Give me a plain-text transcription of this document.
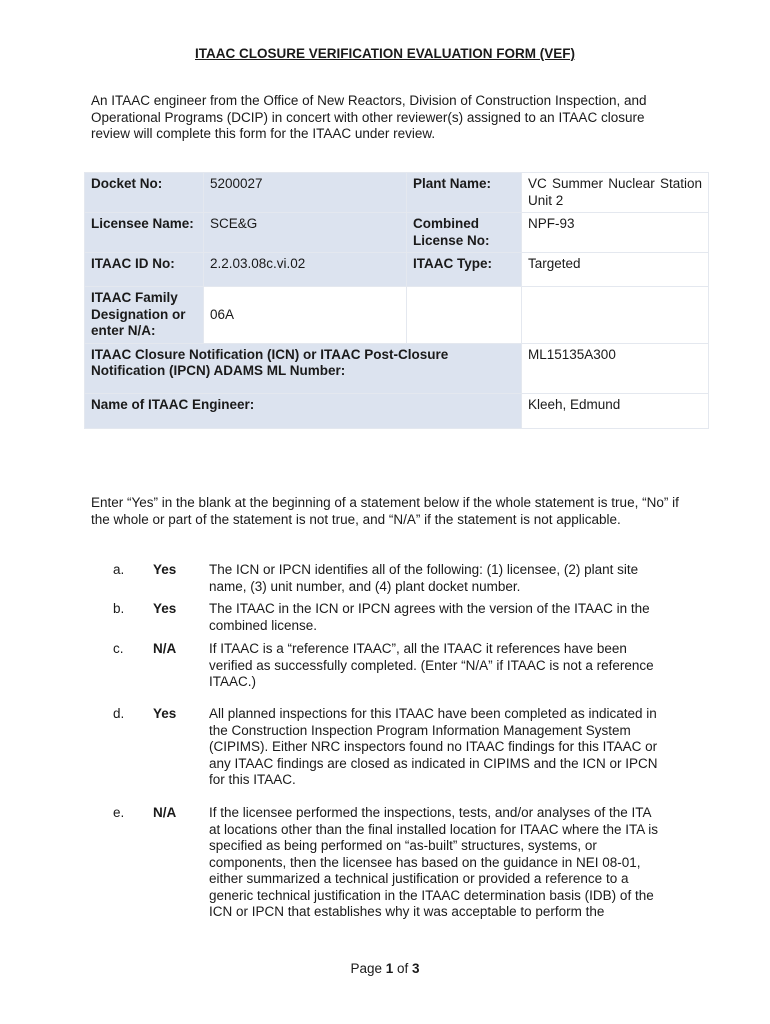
ITAAC CLOSURE VERIFICATION EVALUATION FORM (VEF)
An ITAAC engineer from the Office of New Reactors, Division of Construction Inspection, and Operational Programs (DCIP) in concert with other reviewer(s) assigned to an ITAAC closure review will complete this form for the ITAAC under review.
Docket No:	5200027	Plant Name:	VC Summer Nuclear Station Unit 2
Licensee Name:	SCE&G	Combined License No:	NPF-93
ITAAC ID No:	2.2.03.08c.vi.02	ITAAC Type:	Targeted
ITAAC Family Designation or enter N/A:	06A		
ITAAC Closure Notification (ICN) or ITAAC Post-Closure Notification (IPCN) ADAMS ML Number:			ML15135A300
Name of ITAAC Engineer:			Kleeh, Edmund
Enter “Yes” in the blank at the beginning of a statement below if the whole statement is true, “No” if the whole or part of the statement is not true, and “N/A” if the statement is not applicable.
a. Yes The ICN or IPCN identifies all of the following: (1) licensee, (2) plant site name, (3) unit number, and (4) plant docket number.
b. Yes The ITAAC in the ICN or IPCN agrees with the version of the ITAAC in the combined license.
c. N/A If ITAAC is a “reference ITAAC”, all the ITAAC it references have been verified as successfully completed. (Enter “N/A” if ITAAC is not a reference ITAAC.)
d. Yes All planned inspections for this ITAAC have been completed as indicated in the Construction Inspection Program Information Management System (CIPIMS). Either NRC inspectors found no ITAAC findings for this ITAAC or any ITAAC findings are closed as indicated in CIPIMS and the ICN or IPCN for this ITAAC.
e. N/A If the licensee performed the inspections, tests, and/or analyses of the ITA at locations other than the final installed location for ITAAC where the ITA is specified as being performed on “as-built” structures, systems, or components, then the licensee has based on the guidance in NEI 08-01, either summarized a technical justification or provided a reference to a generic technical justification in the ITAAC determination basis (IDB) of the ICN or IPCN that establishes why it was acceptable to perform the
Page 1 of 3
